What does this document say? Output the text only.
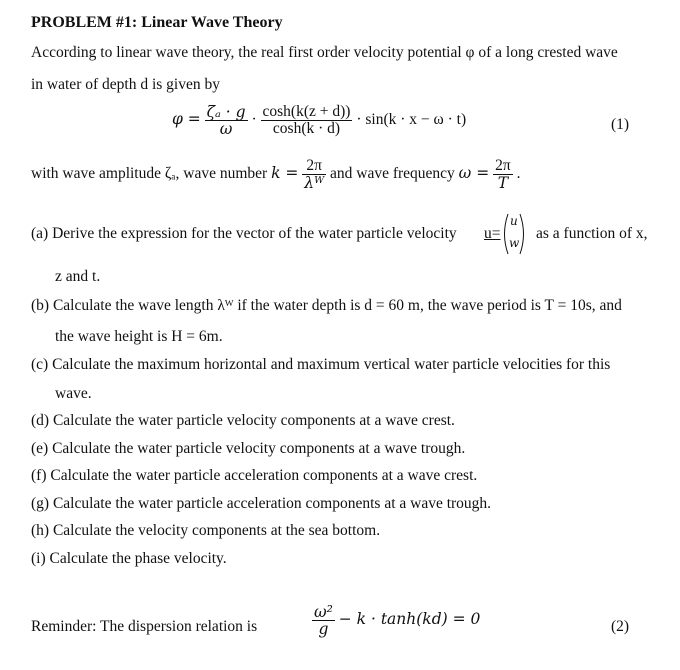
PROBLEM #1: Linear Wave Theory
According to linear wave theory, the real first order velocity potential φ of a long crested wave
in water of depth d is given by
$\varphi = \frac{\text{ζₐ · g}}{\omega} \cdot \frac{\cosh(k(z + d))}{\cosh(k \cdot d)} \cdot \sin(k \cdot x - \omega \cdot t)$	(1)
with wave amplitude ζₐ, wave number $k = \frac{2\pi}{\text{λᵂ}}$ and wave frequency $\omega = \frac{2\pi}{T}$ .
(a) Derive the expression for the vector of the water particle velocity u=
u
w
as a function of x,
z and t.
(b) Calculate the wave length λᵂ if the water depth is d = 60 m, the wave period is T = 10s, and
the wave height is H = 6m.
(c) Calculate the maximum horizontal and maximum vertical water particle velocities for this
wave.
(d) Calculate the water particle velocity components at a wave crest.
(e) Calculate the water particle velocity components at a wave trough.
(f) Calculate the water particle acceleration components at a wave crest.
(g) Calculate the water particle acceleration components at a wave trough.
(h) Calculate the velocity components at the sea bottom.
(i) Calculate the phase velocity.
Reminder: The dispersion relation is	$\frac{\text{ω²}}{g} - k \cdot \tanh(kd) = 0$	(2)
